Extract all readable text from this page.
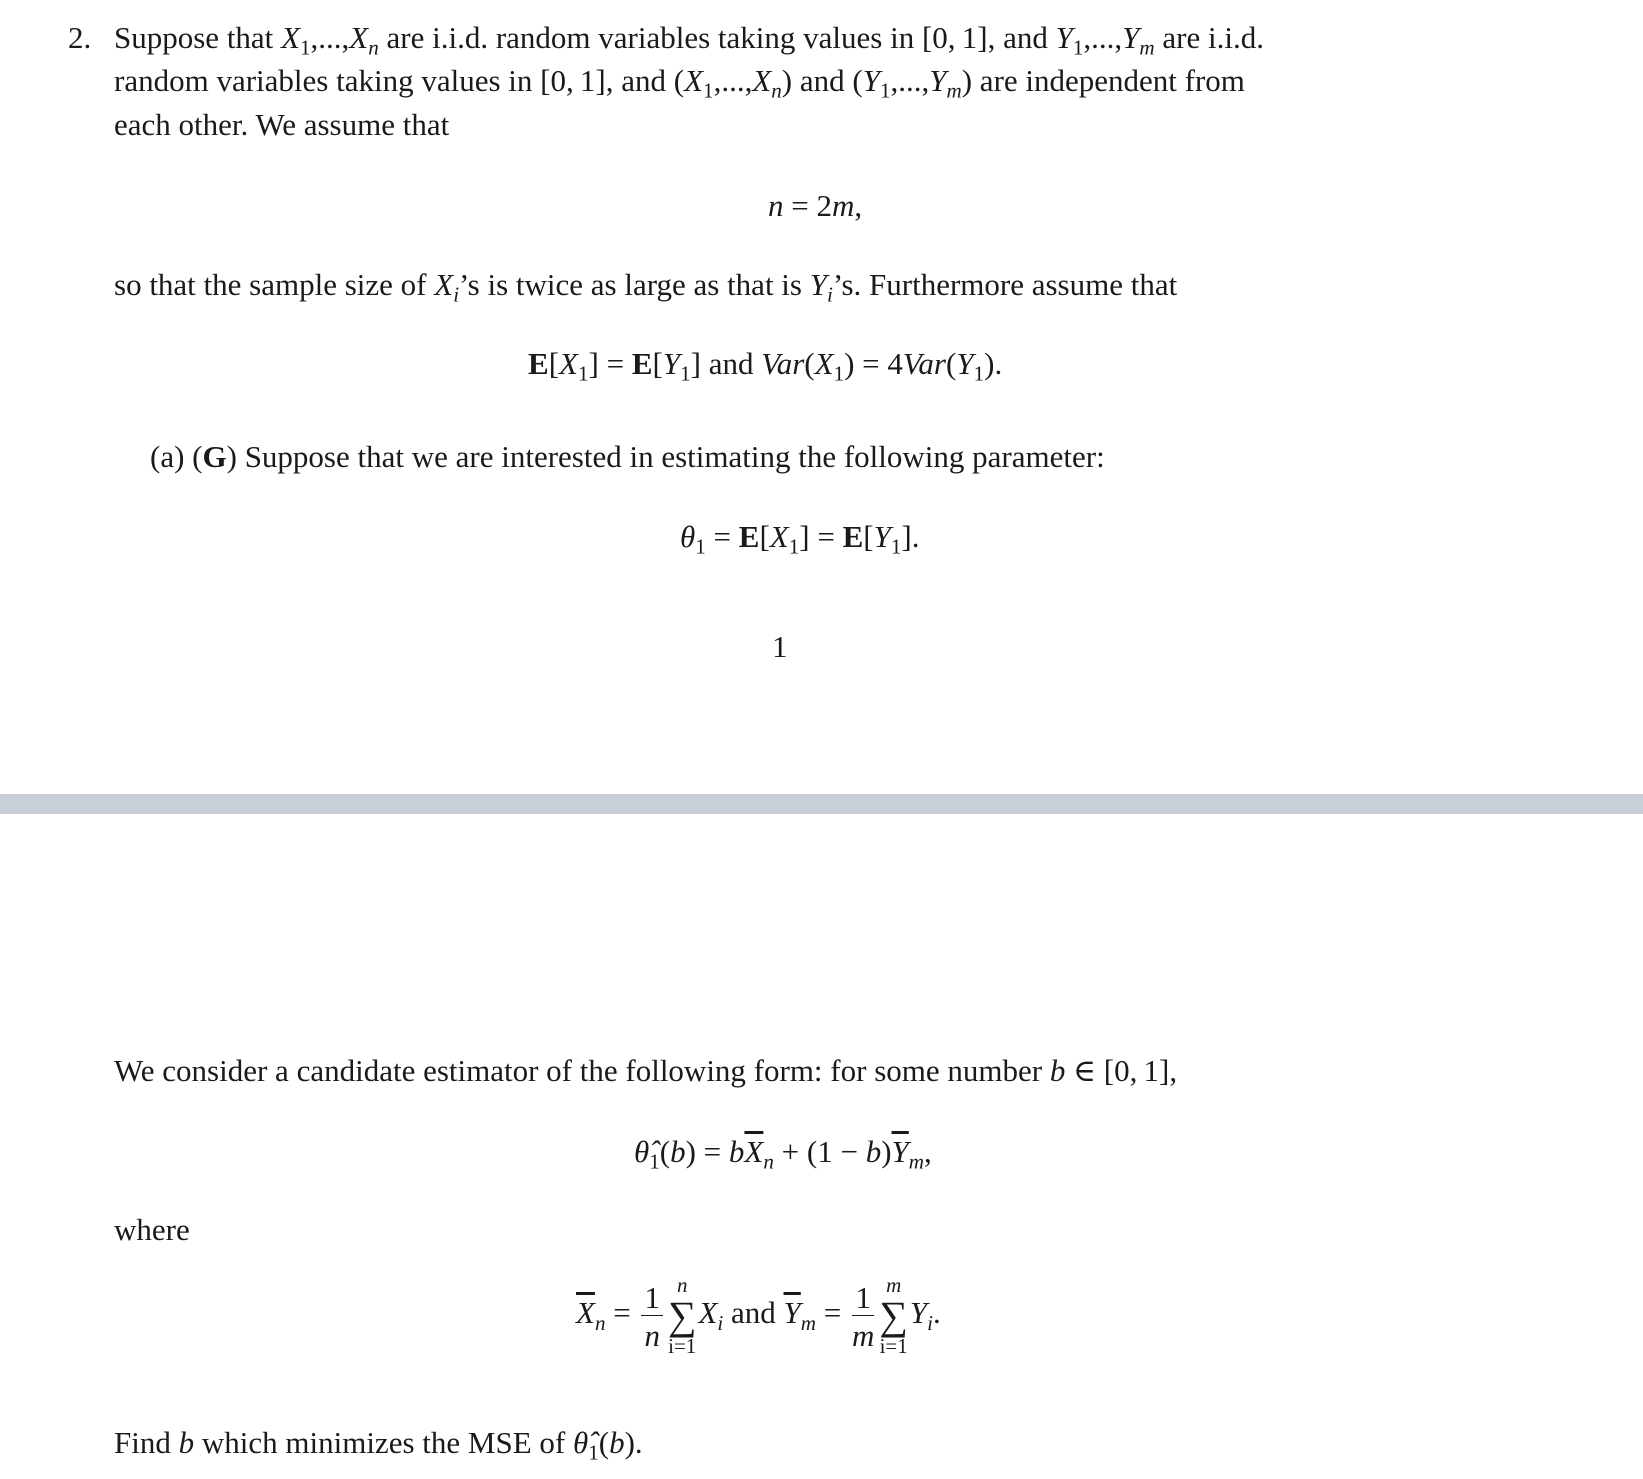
2. Suppose that $X_1,...,X_n$ are i.i.d. random variables taking values in [0, 1], and $Y_1,...,Y_m$ are i.i.d.
random variables taking values in [0, 1], and $(X_1,...,X_n)$ and $(Y_1,...,Y_m)$ are independent from
each other. We assume that
n = 2m,
so that the sample size of $X_i’s$ is twice as large as that is $Y_i’s$. Furthermore assume that
$E[X_1] = E[Y_1]$ and $Var(X_1) = 4Var(Y_1)$.
(a) (G) Suppose that we are interested in estimating the following parameter:
$\theta_1 = E[X_1] = E[Y_1]$.
1
We consider a candidate estimator of the following form: for some number b ∈ [0, 1],
$\thetâ_1(b) = b\overline{X}_n + (1 - b)\overline{Y}_m$,
where
$\overline{X}_n = \frac{1}{n}$ n
∑
i=1
$X_i$ and $\overline{Y}_m = \frac{1}{m}$ m
∑
i=1
$Y_i$.
Find b which minimizes the MSE of $\thetâ_1(b)$.
